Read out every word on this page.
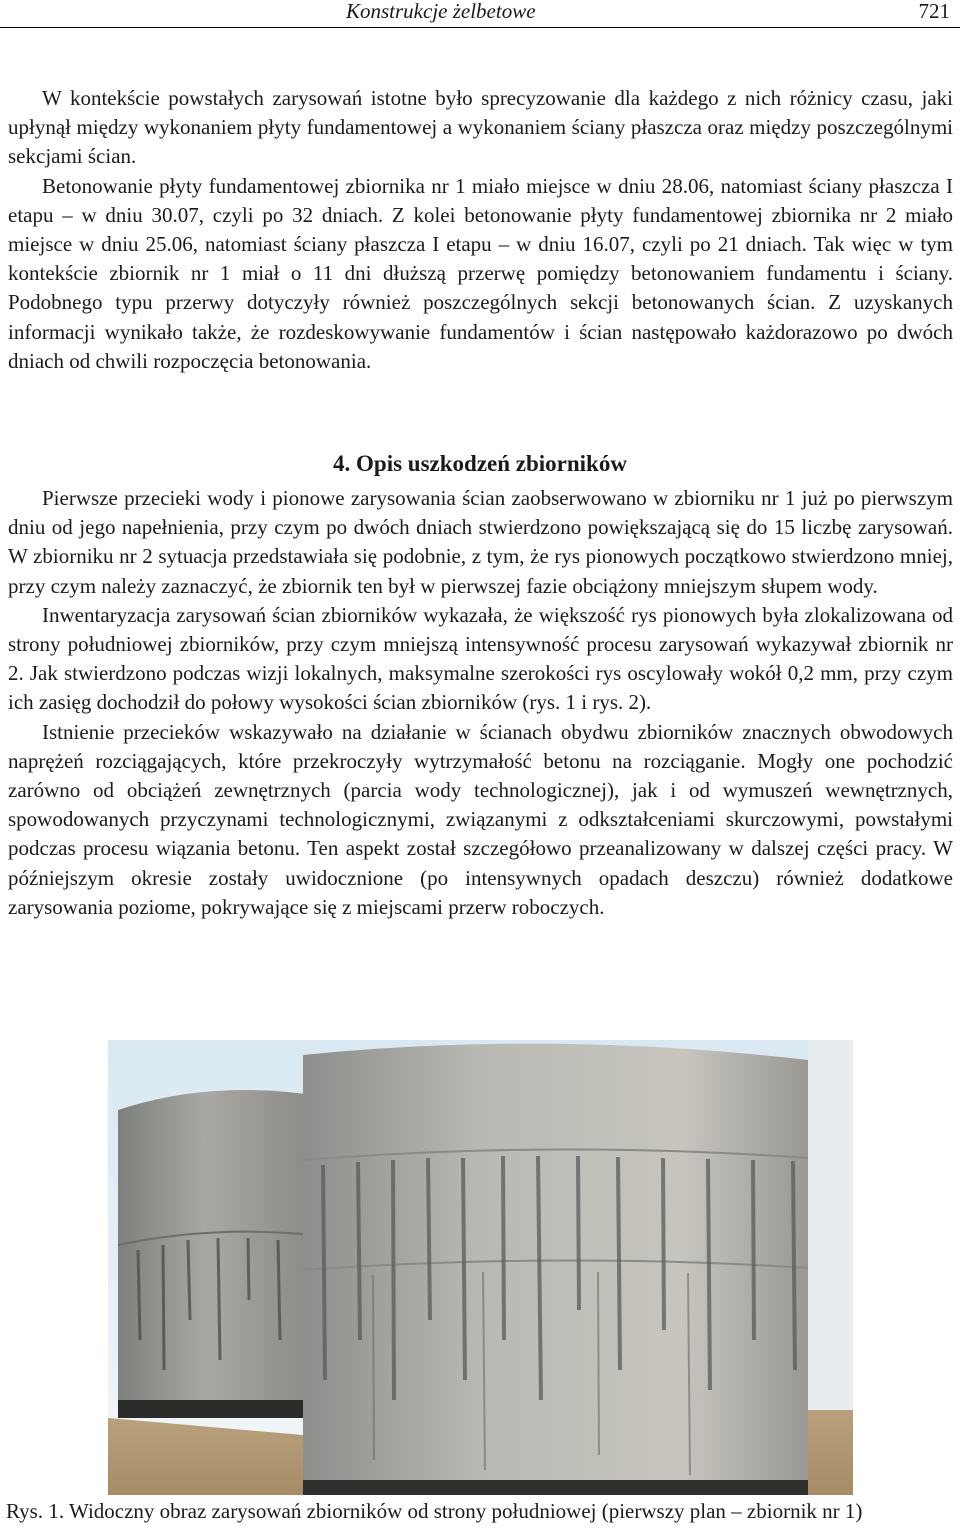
Konstrukcje żelbetowe	721

W kontekście powstałych zarysowań istotne było sprecyzowanie dla każdego z nich różnicy czasu, jaki upłynął między wykonaniem płyty fundamentowej a wykonaniem ściany płaszcza oraz między poszczególnymi sekcjami ścian.

Betonowanie płyty fundamentowej zbiornika nr 1 miało miejsce w dniu 28.06, natomiast ściany płaszcza I etapu – w dniu 30.07, czyli po 32 dniach. Z kolei betonowanie płyty fundamentowej zbiornika nr 2 miało miejsce w dniu 25.06, natomiast ściany płaszcza I etapu – w dniu 16.07, czyli po 21 dniach. Tak więc w tym kontekście zbiornik nr 1 miał o 11 dni dłuższą przerwę pomiędzy betonowaniem fundamentu i ściany. Podobnego typu przerwy dotyczyły również poszczególnych sekcji betonowanych ścian. Z uzyskanych informacji wynikało także, że rozdeskowywanie fundamentów i ścian następowało każdorazowo po dwóch dniach od chwili rozpoczęcia betonowania.

4. Opis uszkodzeń zbiorników

Pierwsze przecieki wody i pionowe zarysowania ścian zaobserwowano w zbiorniku nr 1 już po pierwszym dniu od jego napełnienia, przy czym po dwóch dniach stwierdzono powiększającą się do 15 liczbę zarysowań. W zbiorniku nr 2 sytuacja przedstawiała się podobnie, z tym, że rys pionowych początkowo stwierdzono mniej, przy czym należy zaznaczyć, że zbiornik ten był w pierwszej fazie obciążony mniejszym słupem wody.

Inwentaryzacja zarysowań ścian zbiorników wykazała, że większość rys pionowych była zlokalizowana od strony południowej zbiorników, przy czym mniejszą intensywność procesu zarysowań wykazywał zbiornik nr 2. Jak stwierdzono podczas wizji lokalnych, maksymalne szerokości rys oscylowały wokół 0,2 mm, przy czym ich zasięg dochodził do połowy wysokości ścian zbiorników (rys. 1 i rys. 2).

Istnienie przecieków wskazywało na działanie w ścianach obydwu zbiorników znacznych obwodowych naprężeń rozciągających, które przekroczyły wytrzymałość betonu na rozciąganie. Mogły one pochodzić zarówno od obciążeń zewnętrznych (parcia wody technologicznej), jak i od wymuszeń wewnętrznych, spowodowanych przyczynami technologicznymi, związanymi z odkształceniami skurczowymi, powstałymi podczas procesu wiązania betonu. Ten aspekt został szczegółowo przeanalizowany w dalszej części pracy. W późniejszym okresie zostały uwidocznione (po intensywnych opadach deszczu) również dodatkowe zarysowania poziome, pokrywające się z miejscami przerw roboczych.

Rys. 1. Widoczny obraz zarysowań zbiorników od strony południowej (pierwszy plan – zbiornik nr 1)
